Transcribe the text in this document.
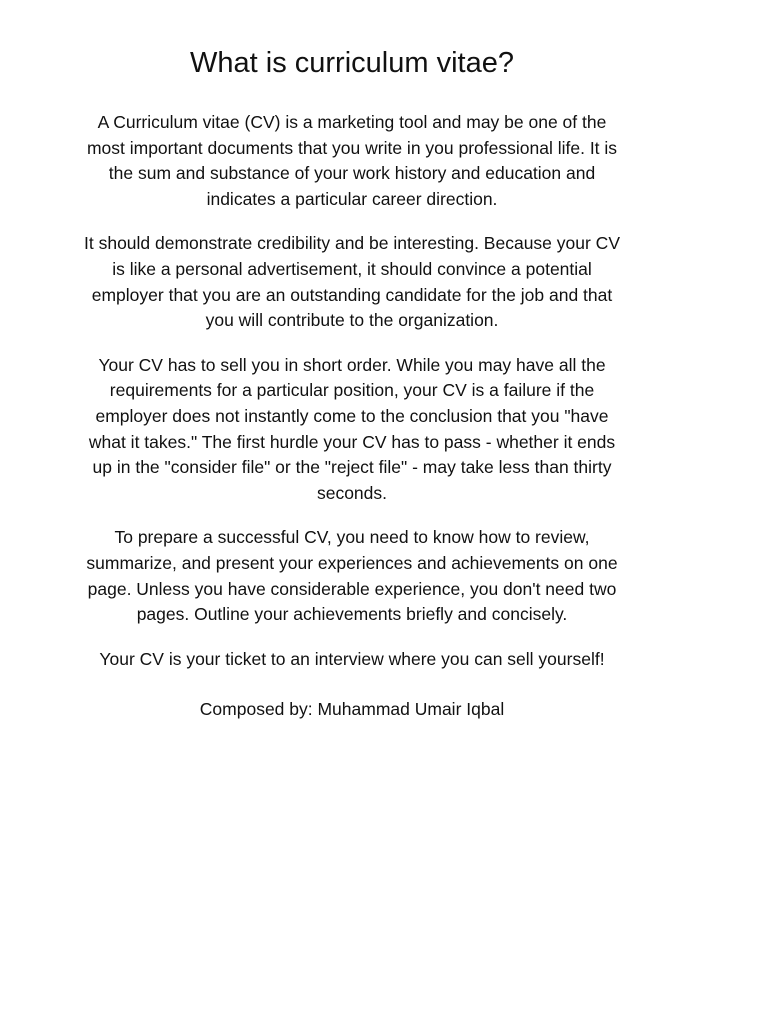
What is curriculum vitae?

A Curriculum vitae (CV) is a marketing tool and may be one of the most important documents that you write in you professional life. It is the sum and substance of your work history and education and indicates a particular career direction.

It should demonstrate credibility and be interesting. Because your CV is like a personal advertisement, it should convince a potential employer that you are an outstanding candidate for the job and that you will contribute to the organization.

Your CV has to sell you in short order. While you may have all the requirements for a particular position, your CV is a failure if the employer does not instantly come to the conclusion that you "have what it takes." The first hurdle your CV has to pass - whether it ends up in the "consider file" or the "reject file" - may take less than thirty seconds.

To prepare a successful CV, you need to know how to review, summarize, and present your experiences and achievements on one page. Unless you have considerable experience, you don't need two pages. Outline your achievements briefly and concisely.

Your CV is your ticket to an interview where you can sell yourself!

Composed by: Muhammad Umair Iqbal
